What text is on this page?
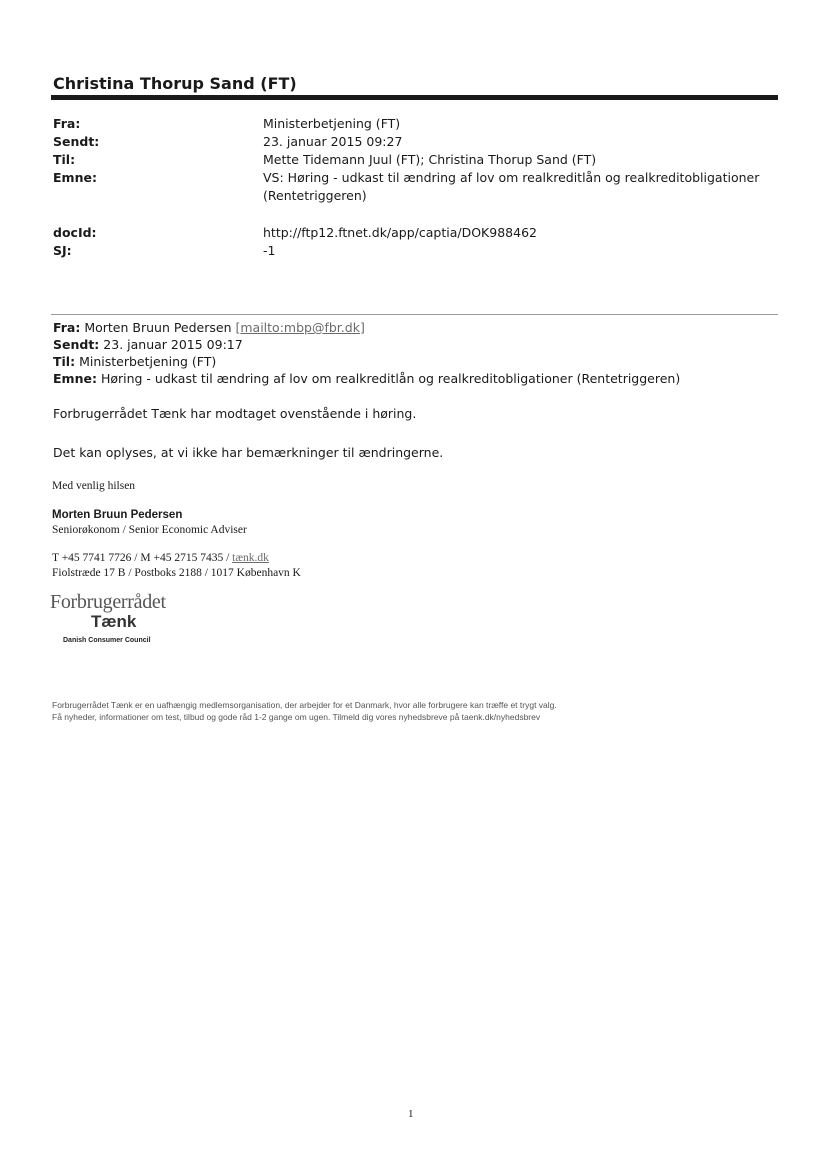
Christina Thorup Sand (FT)
Fra:	Ministerbetjening (FT)
Sendt:	23. januar 2015 09:27
Til:	Mette Tidemann Juul (FT); Christina Thorup Sand (FT)
Emne:	VS: Høring - udkast til ændring af lov om realkreditlån og realkreditobligationer
(Rentetriggeren)
docId:	http://ftp12.ftnet.dk/app/captia/DOK988462
SJ:	-1
Fra: Morten Bruun Pedersen [mailto:mbp@fbr.dk]
Sendt: 23. januar 2015 09:17
Til: Ministerbetjening (FT)
Emne: Høring - udkast til ændring af lov om realkreditlån og realkreditobligationer (Rentetriggeren)
Forbrugerrådet Tænk har modtaget ovenstående i høring.
Det kan oplyses, at vi ikke har bemærkninger til ændringerne.
Med venlig hilsen
Morten Bruun Pedersen
Seniorøkonom / Senior Economic Adviser
T +45 7741 7726 / M +45 2715 7435 / tænk.dk
Fiolstræde 17 B / Postboks 2188 / 1017 København K
Forbrugerrådet
Tænk
Danish Consumer Council
Forbrugerrådet Tænk er en uafhængig medlemsorganisation, der arbejder for et Danmark, hvor alle forbrugere kan træffe et trygt valg.
Få nyheder, informationer om test, tilbud og gode råd 1-2 gange om ugen. Tilmeld dig vores nyhedsbreve på taenk.dk/nyhedsbrev
1
